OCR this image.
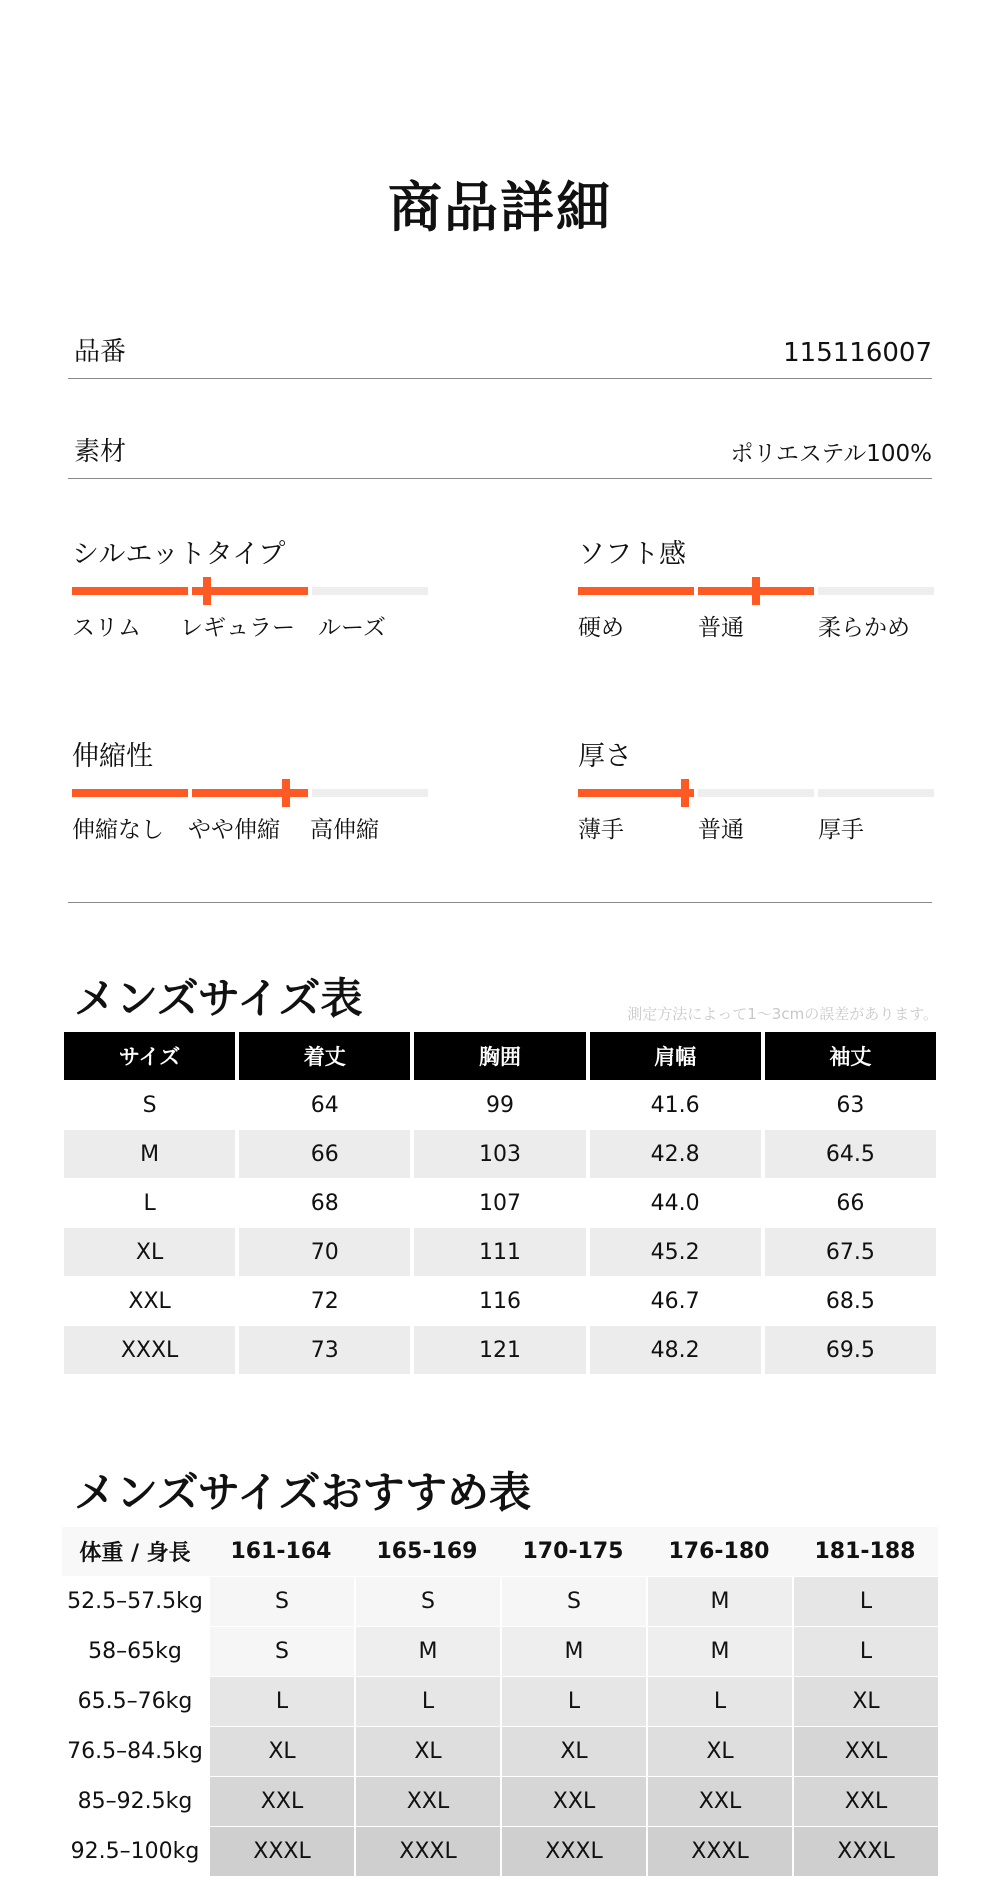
商品詳細
品番	115116007
素材	ポリエステル100%
シルエットタイプ
スリム レギュラー ルーズ
ソフト感
硬め	普通	柔らかめ
伸縮性
伸縮なし やや伸縮 高伸縮
厚さ
薄手	普通	厚手
メンズサイズ表	測定方法によって1〜3cmの誤差があります。
サイズ	着丈	胸囲	肩幅	袖丈
S	64	99	41.6	63
M	66	103	42.8	64.5
L	68	107	44.0	66
XL	70	111	45.2	67.5
XXL	72	116	46.7	68.5
XXXL	73	121	48.2	69.5
メンズサイズおすすめ表
体重 / 身長	161-164	165-169	170-175	176-180	181-188
52.5–57.5kg	S	S	S	M	L
58–65kg	S	M	M	M	L
65.5–76kg	L	L	L	L	XL
76.5–84.5kg	XL	XL	XL	XL	XXL
85–92.5kg	XXL	XXL	XXL	XXL	XXL
92.5–100kg	XXXL	XXXL	XXXL	XXXL	XXXL
